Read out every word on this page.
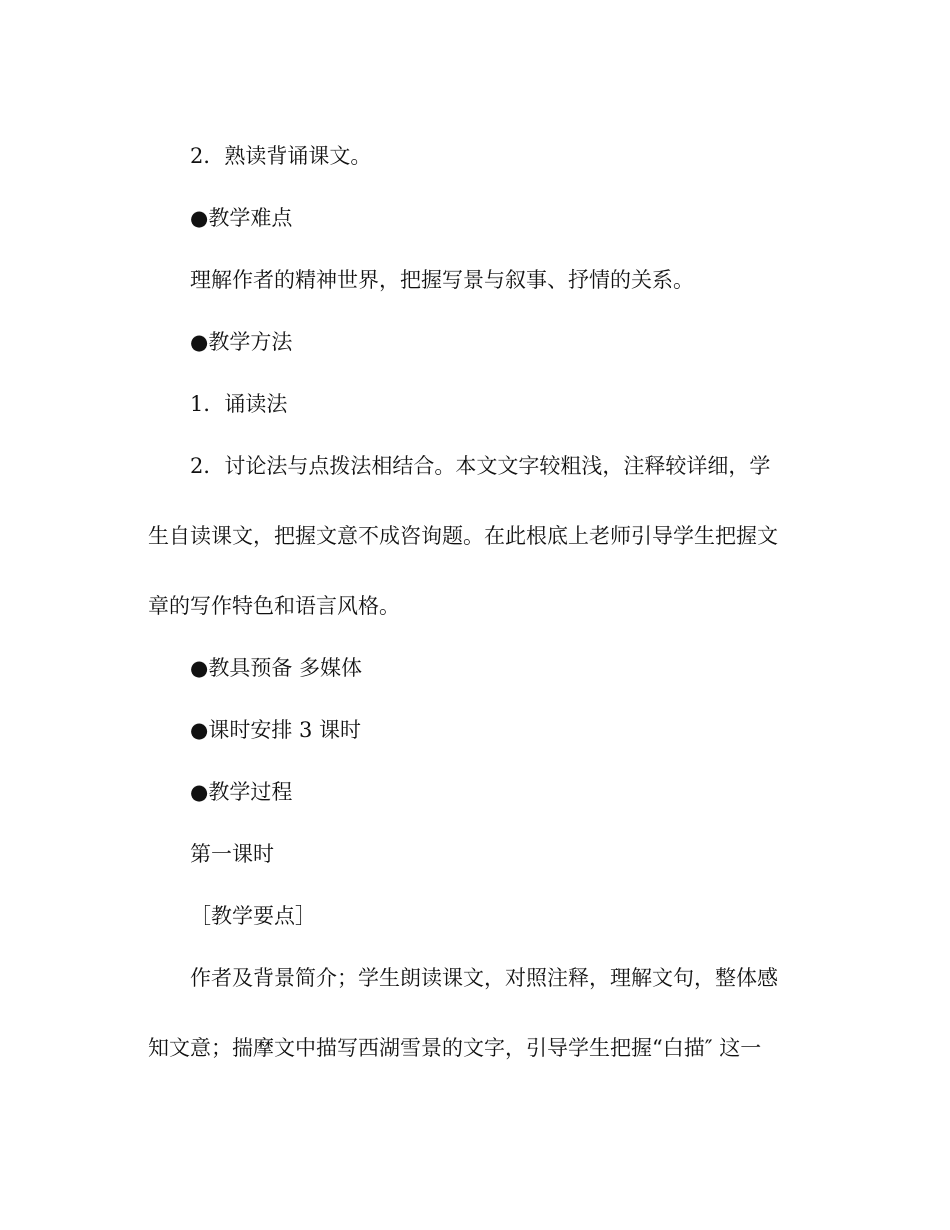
2．熟读背诵课文。
●教学难点
理解作者的精神世界，把握写景与叙事、抒情的关系。
●教学方法
1．诵读法
2．讨论法与点拨法相结合。本文文字较粗浅，注释较详细，学
生自读课文，把握文意不成咨询题。在此根底上老师引导学生把握文
章的写作特色和语言风格。
●教具预备 多媒体
●课时安排 3 课时
●教学过程
第一课时
［教学要点］
作者及背景简介；学生朗读课文，对照注释，理解文句，整体感
知文意；揣摩文中描写西湖雪景的文字，引导学生把握“白描″ 这一
